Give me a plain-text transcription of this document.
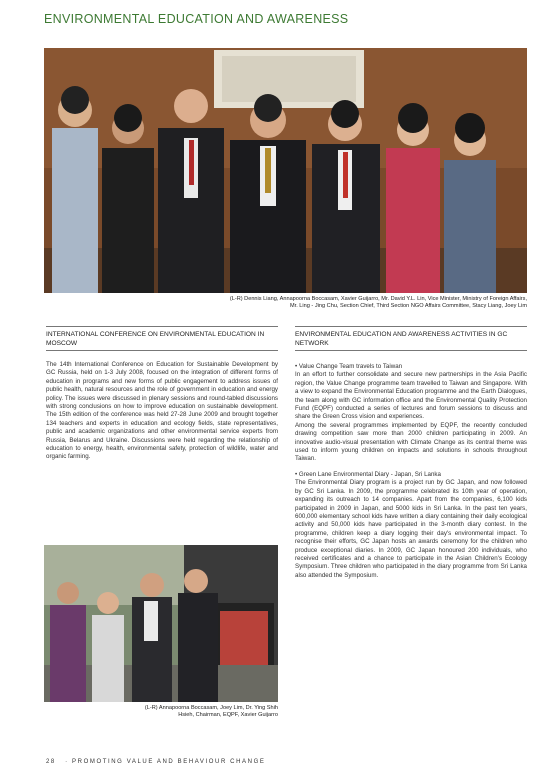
ENVIRONMENTAL EDUCATION AND AWARENESS
(L-R) Dennis Liang, Annapoorna Boccasam, Xavier Guijarro, Mr. David Y.L. Lin, Vice Minister, Ministry of Foreign Affairs,
Mr. Ling - Jing Chu, Section Chief, Third Section NGO Affairs Committee, Stacy Liang, Joey Lim
INTERNATIONAL CONFERENCE ON ENVIRONMENTAL EDUCATION IN MOSCOW

The 14th International Conference on Education for Sustainable Development by GC Russia, held on 1-3 July 2008, focused on the integration of different forms of education in programs and new forms of public engagement to address issues of public health, natural resources and the role of government in education and energy policy. The issues were discussed in plenary sessions and round-tabled discussions with strong conclusions on how to improve education on sustainable development. The 15th edition of the conference was held 27-28 June 2009 and brought together 134 teachers and experts in education and ecology fields, state representatives, public and academic organizations and other environmental service experts from Russia, Belarus and Ukraine. Discussions were held regarding the relationship of education to energy, health, environmental safety, protection of wildlife, water and organic farming.

(L-R) Annapoorna Boccasam, Joey Lim, Dr. Ying Shih
Hsieh, Chairman, EQPF, Xavier Guijarro
ENVIRONMENTAL EDUCATION AND AWARENESS ACTIVITIES IN GC NETWORK
• Value Change Team travels to Taiwan

In an effort to further consolidate and secure new partnerships in the Asia Pacific region, the Value Change programme team travelled to Taiwan and Singapore. With a view to expand the Environmental Education programme and the Earth Dialogues, the team along with GC information office and the Environmental Quality Protection Fund (EQPF) conducted a series of lectures and forum sessions to discuss and share the Green Cross vision and experiences.

Among the several programmes implemented by EQPF, the recently concluded drawing competition saw more than 2000 children participating in 2009. An innovative audio-visual presentation with Climate Change as its central theme was used to inform young children on impacts and solutions in schools throughout Taiwan.

• Green Lane Environmental Diary - Japan, Sri Lanka

The Environmental Diary program is a project run by GC Japan, and now followed by GC Sri Lanka. In 2009, the programme celebrated its 10th year of operation, expanding its outreach to 14 companies. Apart from the companies, 6,100 kids participated in 2009 in Japan, and 5000 kids in Sri Lanka. In the past ten years, 600,000 elementary school kids have written a diary containing their daily ecological activity and 50,000 kids have participated in the 3-month diary contest. In the programme, children keep a diary logging their day's environmental impact. To recognise their efforts, GC Japan hosts an awards ceremony for the children who produce exceptional diaries. In 2009, GC Japan honoured 200 individuals, who received certificates and a chance to participate in the Asian Children's Ecology Symposium. Three children who participated in the diary programme from Sri Lanka also attended the Symposium.

28 · PROMOTING VALUE AND BEHAVIOUR CHANGE
